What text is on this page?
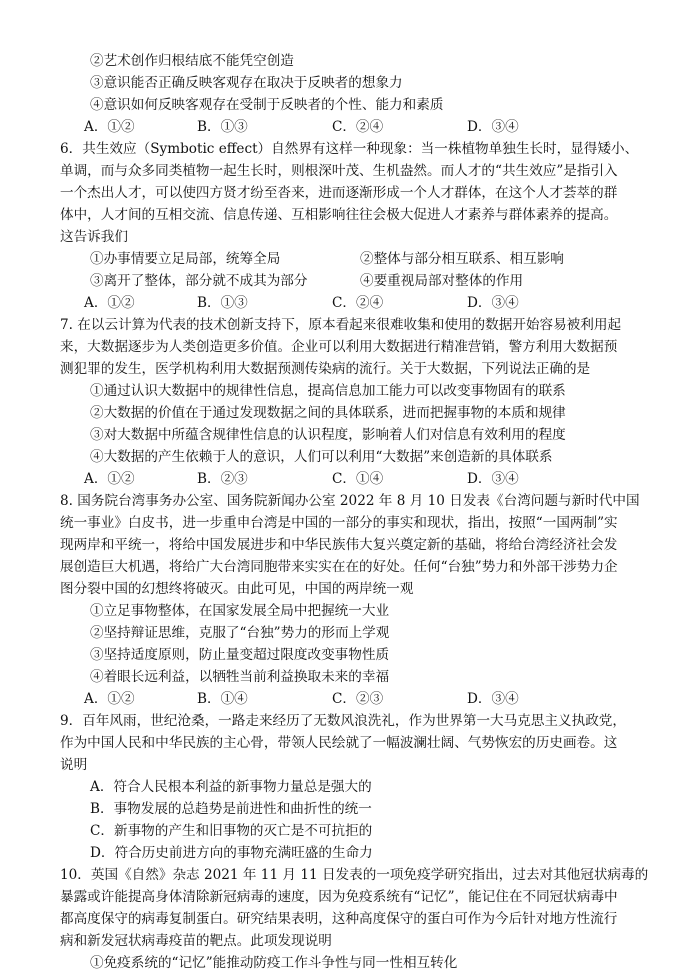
②艺术创作归根结底不能凭空创造
③意识能否正确反映客观存在取决于反映者的想象力
④意识如何反映客观存在受制于反映者的个性、能力和素质
A．①②	B．①③	C．②④	D．③④
6．共生效应（Symbotic effect）自然界有这样一种现象：当一株植物单独生长时，显得矮小、
单调，而与众多同类植物一起生长时，则根深叶茂、生机盎然。而人才的“共生效应”是指引入
一个杰出人才，可以使四方贤才纷至沓来，进而逐渐形成一个人才群体，在这个人才荟萃的群
体中，人才间的互相交流、信息传递、互相影响往往会极大促进人才素养与群体素养的提高。
这告诉我们
①办事情要立足局部，统筹全局	②整体与部分相互联系、相互影响
③离开了整体，部分就不成其为部分	④要重视局部对整体的作用
A．①②	B．①③	C．②④	D．③④
7. 在以云计算为代表的技术创新支持下，原本看起来很难收集和使用的数据开始容易被利用起
来，大数据逐步为人类创造更多价值。企业可以利用大数据进行精准营销，警方利用大数据预
测犯罪的发生，医学机构利用大数据预测传染病的流行。关于大数据，下列说法正确的是
①通过认识大数据中的规律性信息，提高信息加工能力可以改变事物固有的联系
②大数据的价值在于通过发现数据之间的具体联系，进而把握事物的本质和规律
③对大数据中所蕴含规律性信息的认识程度，影响着人们对信息有效利用的程度
④大数据的产生依赖于人的意识，人们可以利用“大数据”来创造新的具体联系
A．①②	B．②③	C．①④	D．③④
8. 国务院台湾事务办公室、国务院新闻办公室 2022 年 8 月 10 日发表《台湾问题与新时代中国
统一事业》白皮书，进一步重申台湾是中国的一部分的事实和现状，指出，按照“一国两制”实
现两岸和平统一，将给中国发展进步和中华民族伟大复兴奠定新的基础，将给台湾经济社会发
展创造巨大机遇，将给广大台湾同胞带来实实在在的好处。任何“台独”势力和外部干涉势力企
图分裂中国的幻想终将破灭。由此可见，中国的两岸统一观
①立足事物整体，在国家发展全局中把握统一大业
②坚持辩证思维，克服了“台独”势力的形而上学观
③坚持适度原则，防止量变超过限度改变事物性质
④着眼长远利益，以牺牲当前利益换取未来的幸福
A．①②	B．①④	C．②③	D．③④
9．百年风雨，世纪沧桑，一路走来经历了无数风浪洗礼，作为世界第一大马克思主义执政党，
作为中国人民和中华民族的主心骨，带领人民绘就了一幅波澜壮阔、气势恢宏的历史画卷。这
说明
A．符合人民根本利益的新事物力量总是强大的
B．事物发展的总趋势是前进性和曲折性的统一
C．新事物的产生和旧事物的灭亡是不可抗拒的
D．符合历史前进方向的事物充满旺盛的生命力
10．英国《自然》杂志 2021 年 11 月 11 日发表的一项免疫学研究指出，过去对其他冠状病毒的
暴露或许能提高身体清除新冠病毒的速度，因为免疫系统有“记忆”，能记住在不同冠状病毒中
都高度保守的病毒复制蛋白。研究结果表明，这种高度保守的蛋白可作为今后针对地方性流行
病和新发冠状病毒疫苗的靶点。此项发现说明
①免疫系统的“记忆”能推动防疫工作斗争性与同一性相互转化
